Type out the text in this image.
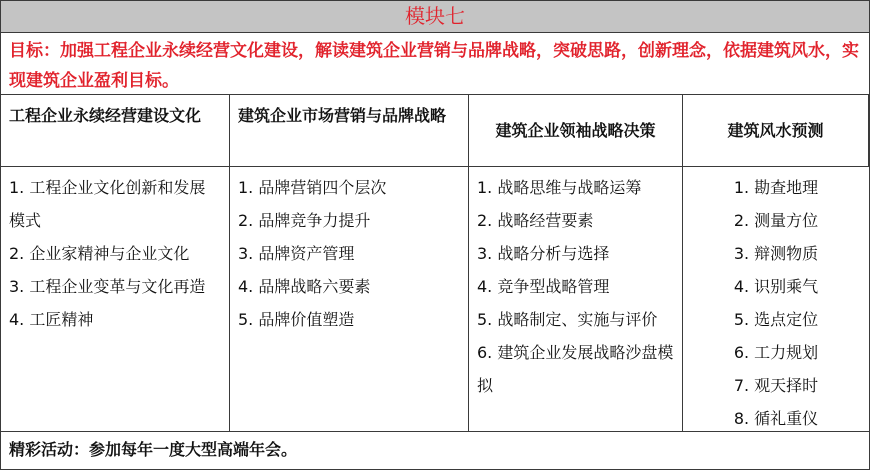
模块七
目标：加强工程企业永续经营文化建设，解读建筑企业营销与品牌战略，突破思路，创新理念，依据建筑风水，实现建筑企业盈利目标。
工程企业永续经营建设文化	建筑企业市场营销与品牌战略
建筑企业领袖战略决策	建筑风水预测
1. 工程企业文化创新和发展模式
2. 企业家精神与企业文化
3. 工程企业变革与文化再造
4. 工匠精神
1. 品牌营销四个层次
2. 品牌竞争力提升
3. 品牌资产管理
4. 品牌战略六要素
5. 品牌价值塑造
1. 战略思维与战略运筹
2. 战略经营要素
3. 战略分析与选择
4. 竞争型战略管理
5. 战略制定、实施与评价
6. 建筑企业发展战略沙盘模拟
1. 勘查地理
2. 测量方位
3. 辩测物质
4. 识别乘气
5. 选点定位
6. 工力规划
7. 观天择时
8. 循礼重仪
精彩活动：参加每年一度大型高端年会。
